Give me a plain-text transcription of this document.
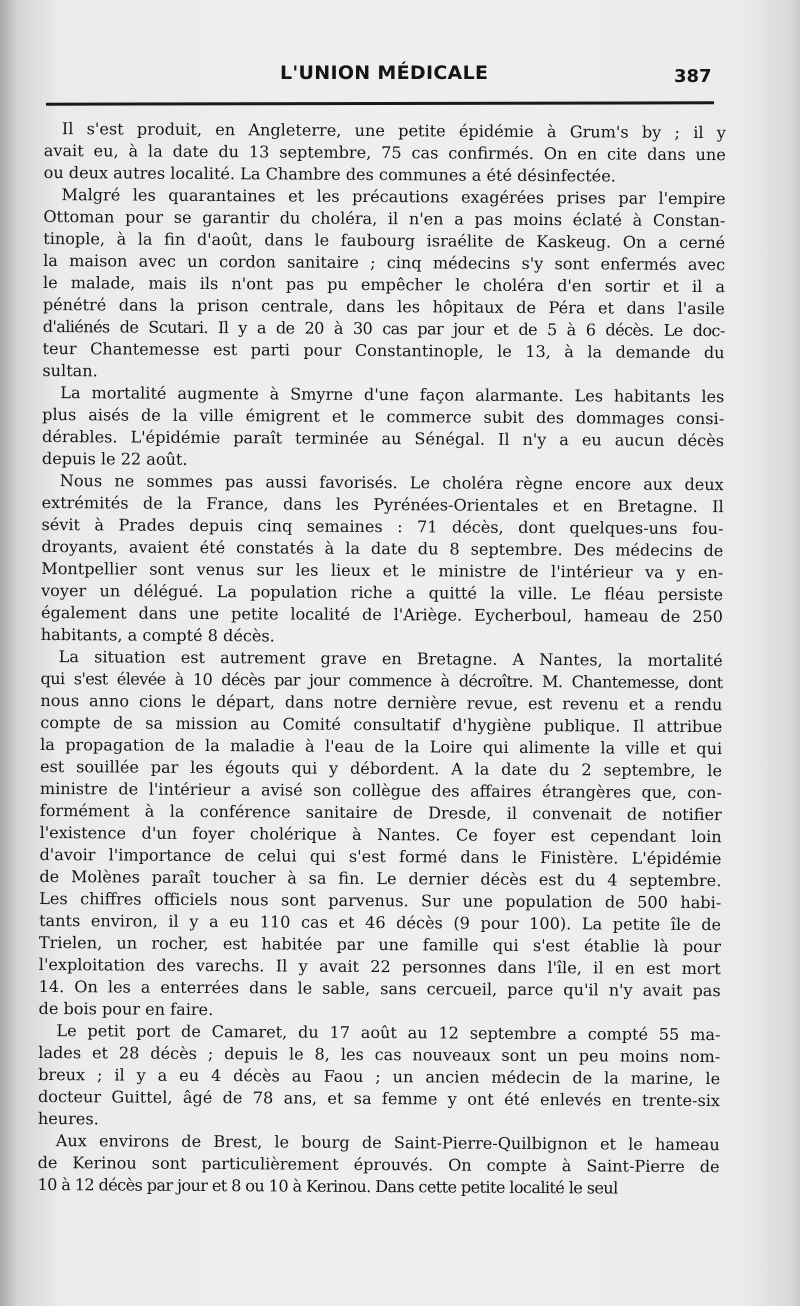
L'UNION MÉDICALE	387
Il s'est produit, en Angleterre, une petite épidémie à Grum's by ; il y
avait eu, à la date du 13 septembre, 75 cas confirmés. On en cite dans une
ou deux autres localité. La Chambre des communes a été désinfectée.
Malgré les quarantaines et les précautions exagérées prises par l'empire
Ottoman pour se garantir du choléra, il n'en a pas moins éclaté à Constan-
tinople, à la fin d'août, dans le faubourg israélite de Kaskeug. On a cerné
la maison avec un cordon sanitaire ; cinq médecins s'y sont enfermés avec
le malade, mais ils n'ont pas pu empêcher le choléra d'en sortir et il a
pénétré dans la prison centrale, dans les hôpitaux de Péra et dans l'asile
d'aliénés de Scutari. Il y a de 20 à 30 cas par jour et de 5 à 6 décès. Le doc-
teur Chantemesse est parti pour Constantinople, le 13, à la demande du
sultan.
La mortalité augmente à Smyrne d'une façon alarmante. Les habitants les
plus aisés de la ville émigrent et le commerce subit des dommages consi-
dérables. L'épidémie paraît terminée au Sénégal. Il n'y a eu aucun décès
depuis le 22 août.
Nous ne sommes pas aussi favorisés. Le choléra règne encore aux deux
extrémités de la France, dans les Pyrénées-Orientales et en Bretagne. Il
sévit à Prades depuis cinq semaines : 71 décès, dont quelques-uns fou-
droyants, avaient été constatés à la date du 8 septembre. Des médecins de
Montpellier sont venus sur les lieux et le ministre de l'intérieur va y en-
voyer un délégué. La population riche a quitté la ville. Le fléau persiste
également dans une petite localité de l'Ariège. Eycherboul, hameau de 250
habitants, a compté 8 décès.
La situation est autrement grave en Bretagne. A Nantes, la mortalité
qui s'est élevée à 10 décès par jour commence à décroître. M. Chantemesse, dont
nous anno cions le départ, dans notre dernière revue, est revenu et a rendu
compte de sa mission au Comité consultatif d'hygiène publique. Il attribue
la propagation de la maladie à l'eau de la Loire qui alimente la ville et qui
est souillée par les égouts qui y débordent. A la date du 2 septembre, le
ministre de l'intérieur a avisé son collègue des affaires étrangères que, con-
formément à la conférence sanitaire de Dresde, il convenait de notifier
l'existence d'un foyer cholérique à Nantes. Ce foyer est cependant loin
d'avoir l'importance de celui qui s'est formé dans le Finistère. L'épidémie
de Molènes paraît toucher à sa fin. Le dernier décès est du 4 septembre.
Les chiffres officiels nous sont parvenus. Sur une population de 500 habi-
tants environ, il y a eu 110 cas et 46 décès (9 pour 100). La petite île de
Trielen, un rocher, est habitée par une famille qui s'est établie là pour
l'exploitation des varechs. Il y avait 22 personnes dans l'île, il en est mort
14. On les a enterrées dans le sable, sans cercueil, parce qu'il n'y avait pas
de bois pour en faire.
Le petit port de Camaret, du 17 août au 12 septembre a compté 55 ma-
lades et 28 décès ; depuis le 8, les cas nouveaux sont un peu moins nom-
breux ; il y a eu 4 décès au Faou ; un ancien médecin de la marine, le
docteur Guittel, âgé de 78 ans, et sa femme y ont été enlevés en trente-six
heures.
Aux environs de Brest, le bourg de Saint-Pierre-Quilbignon et le hameau
de Kerinou sont particulièrement éprouvés. On compte à Saint-Pierre de
10 à 12 décès par jour et 8 ou 10 à Kerinou. Dans cette petite localité le seul
